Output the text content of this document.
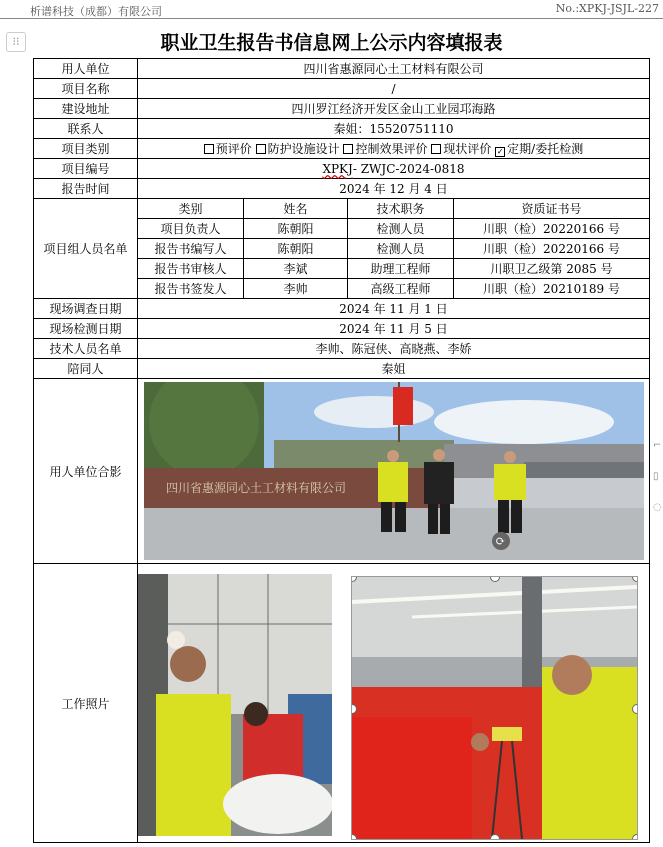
析谱科技（成都）有限公司	No.:XPKJ-JSJL-227
⁝⁝	职业卫生报告书信息网上公示内容填报表
用人单位	四川省惠源同心土工材料有限公司			
项目名称	/			
建设地址	四川罗江经济开发区金山工业园邛海路			
联系人	秦姐：15520751110			
项目类别	预评价 防护设施设计 控制效果评价 现状评价 ✓ 定期/委托检测			
项目编号	XPKJ- ZWJC-2024-0818			
报告时间	2024 年 12 月 4 日			
项目组人员名单	类别	姓名	技术职务	资质证书号
	项目负责人	陈朝阳	检测人员	川职（检）20220166 号
	报告书编写人	陈朝阳	检测人员	川职（检）20220166 号
	报告书审核人	李斌	助理工程师	川职卫乙级第 2085 号
	报告书签发人	李帅	高级工程师	川职（检）20210189 号
现场调查日期	2024 年 11 月 1 日			
现场检测日期	2024 年 11 月 5 日			
技术人员名单	李帅、陈冠侠、高晓燕、李娇			
陪同人	秦姐			
用人单位合影	四川省惠源同心土工材料有限公司
⟳			

工作照片	
⌐
▯
◌
